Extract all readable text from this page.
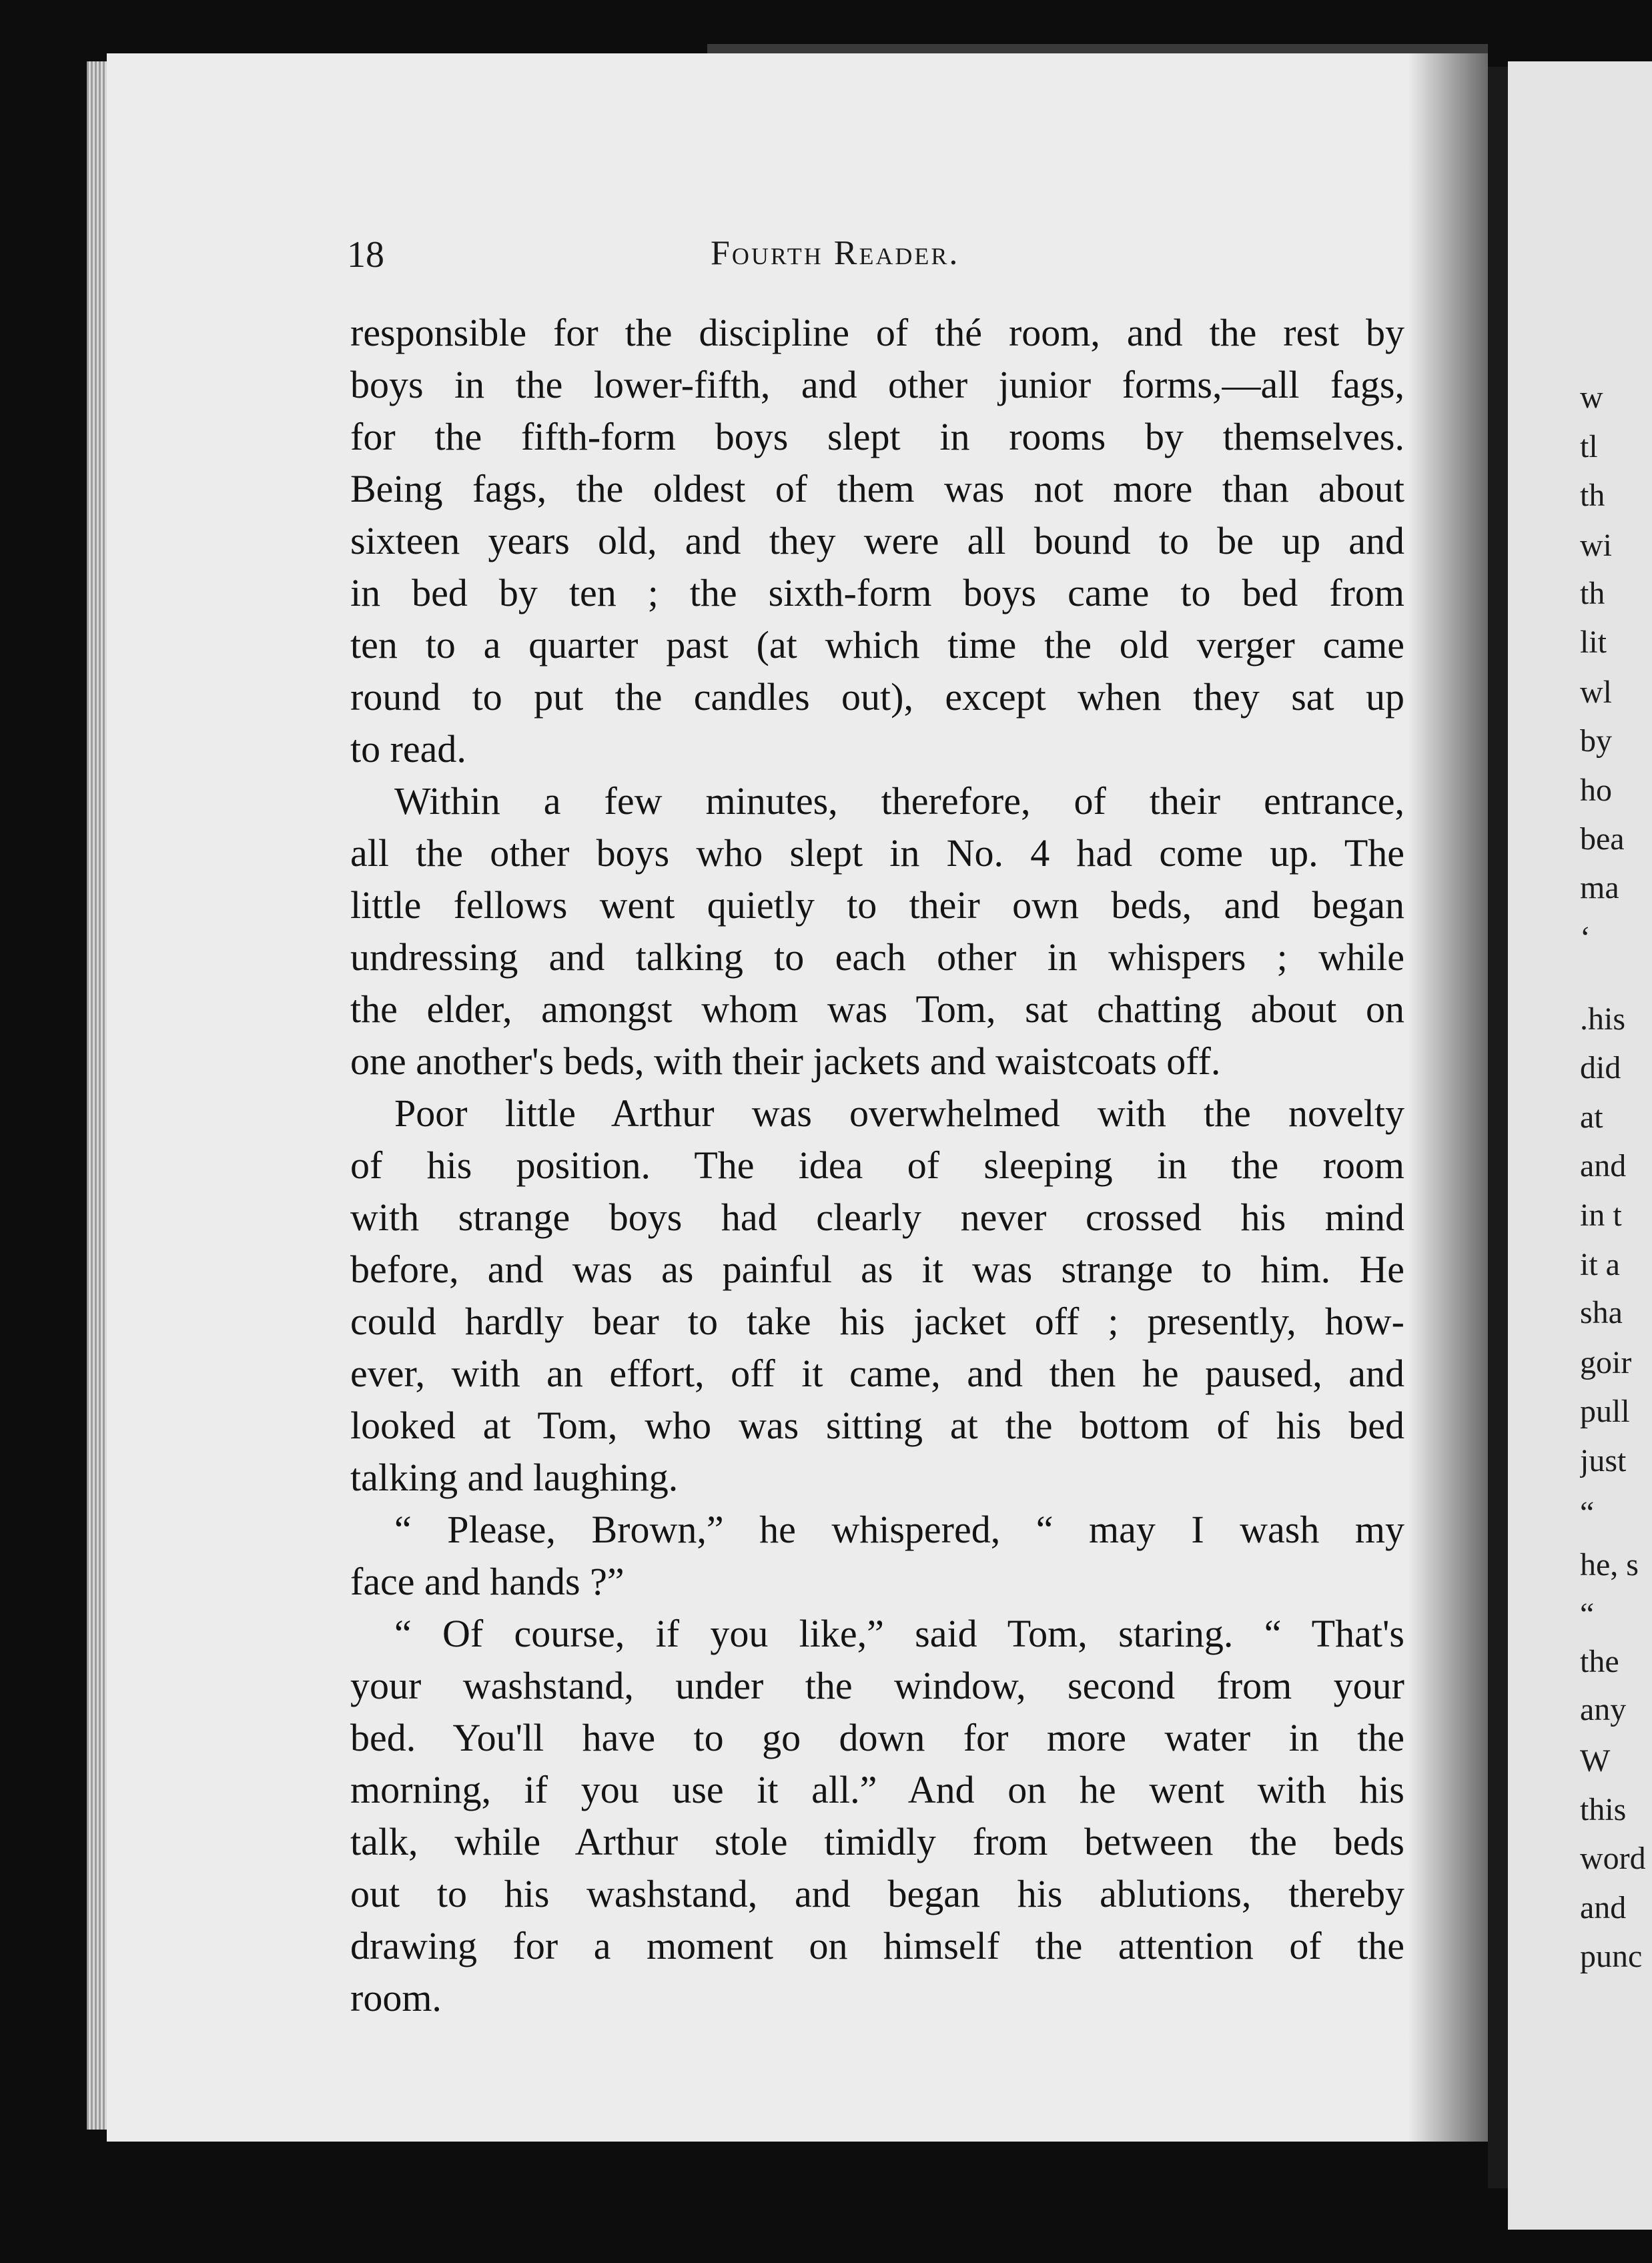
w
tl
th
wi
th
lit
wl
by
ho
bea
ma
‘
.his
did
at
and
in t
it a
sha
goir
pull
just
“
he, s
“
the
any
W
this
word
and
punc
18	Fourth Reader.
responsible for the discipline of thé room, and the rest by
boys in the lower-fifth, and other junior forms,—all fags,
for the fifth-form boys slept in rooms by themselves.
Being fags, the oldest of them was not more than about
sixteen years old, and they were all bound to be up and
in bed by ten ; the sixth-form boys came to bed from
ten to a quarter past (at which time the old verger came
round to put the candles out), except when they sat up
to read.
Within a few minutes, therefore, of their entrance,
all the other boys who slept in No. 4 had come up. The
little fellows went quietly to their own beds, and began
undressing and talking to each other in whispers ; while
the elder, amongst whom was Tom, sat chatting about on
one another's beds, with their jackets and waistcoats off.
Poor little Arthur was overwhelmed with the novelty
of his position. The idea of sleeping in the room
with strange boys had clearly never crossed his mind
before, and was as painful as it was strange to him. He
could hardly bear to take his jacket off ; presently, how-
ever, with an effort, off it came, and then he paused, and
looked at Tom, who was sitting at the bottom of his bed
talking and laughing.
“ Please, Brown,” he whispered, “ may I wash my
face and hands ?”
“ Of course, if you like,” said Tom, staring. “ That's
your washstand, under the window, second from your
bed. You'll have to go down for more water in the
morning, if you use it all.” And on he went with his
talk, while Arthur stole timidly from between the beds
out to his washstand, and began his ablutions, thereby
drawing for a moment on himself the attention of the
room.
